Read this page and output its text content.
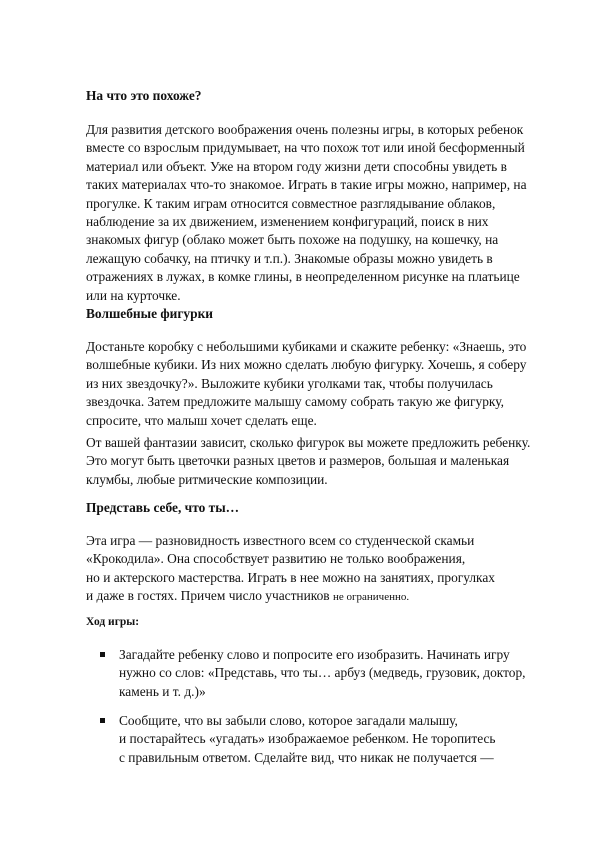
На что это похоже?
Для развития детского воображения очень полезны игры, в которых ребенок
вместе со взрослым придумывает, на что похож тот или иной бесформенный
материал или объект. Уже на втором году жизни дети способны увидеть в
таких материалах что-то знакомое. Играть в такие игры можно, например, на
прогулке. К таким играм относится совместное разглядывание облаков,
наблюдение за их движением, изменением конфигураций, поиск в них
знакомых фигур (облако может быть похоже на подушку, на кошечку, на
лежащую собачку, на птичку и т.п.). Знакомые образы можно увидеть в
отражениях в лужах, в комке глины, в неопределенном рисунке на платьице
или на курточке.
Волшебные фигурки
Достаньте коробку с небольшими кубиками и скажите ребенку: «Знаешь, это
волшебные кубики. Из них можно сделать любую фигурку. Хочешь, я соберу
из них звездочку?». Выложите кубики уголками так, чтобы получилась
звездочка. Затем предложите малышу самому собрать такую же фигурку,
спросите, что малыш хочет сделать еще.
От вашей фантазии зависит, сколько фигурок вы можете предложить ребенку.
Это могут быть цветочки разных цветов и размеров, большая и маленькая
клумбы, любые ритмические композиции.
Представь себе, что ты…
Эта игра — разновидность известного всем со студенческой скамьи
«Крокодила». Она способствует развитию не только воображения,
но и актерского мастерства. Играть в нее можно на занятиях, прогулках
и даже в гостях. Причем число участников не ограниченно.
Ход игры:
Загадайте ребенку слово и попросите его изобразить. Начинать игру
нужно со слов: «Представь, что ты… арбуз (медведь, грузовик, доктор,
камень и т. д.)»
Сообщите, что вы забыли слово, которое загадали малышу,
и постарайтесь «угадать» изображаемое ребенком. Не торопитесь
с правильным ответом. Сделайте вид, что никак не получается —
